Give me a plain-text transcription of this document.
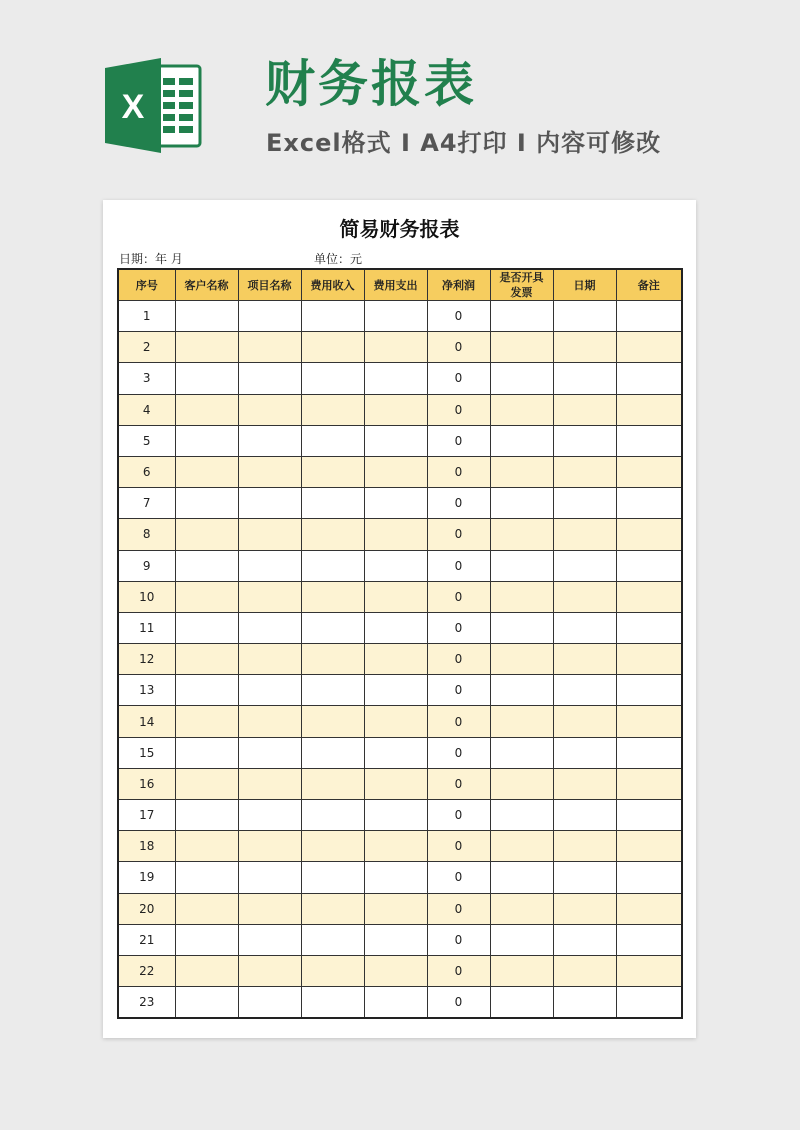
X 财务报表
Excel格式 I A4打印 I 内容可修改
简易财务报表
日期：年 月	单位：元
序号	客户名称	项目名称	费用收入	费用支出	净利润	是否开具发票	日期	备注
1					0			
2					0			
3					0			
4					0			
5					0			
6					0			
7					0			
8					0			
9					0			
10					0			
11					0			
12					0			
13					0			
14					0			
15					0			
16					0			
17					0			
18					0			
19					0			
20					0			
21					0			
22					0			
23					0			
